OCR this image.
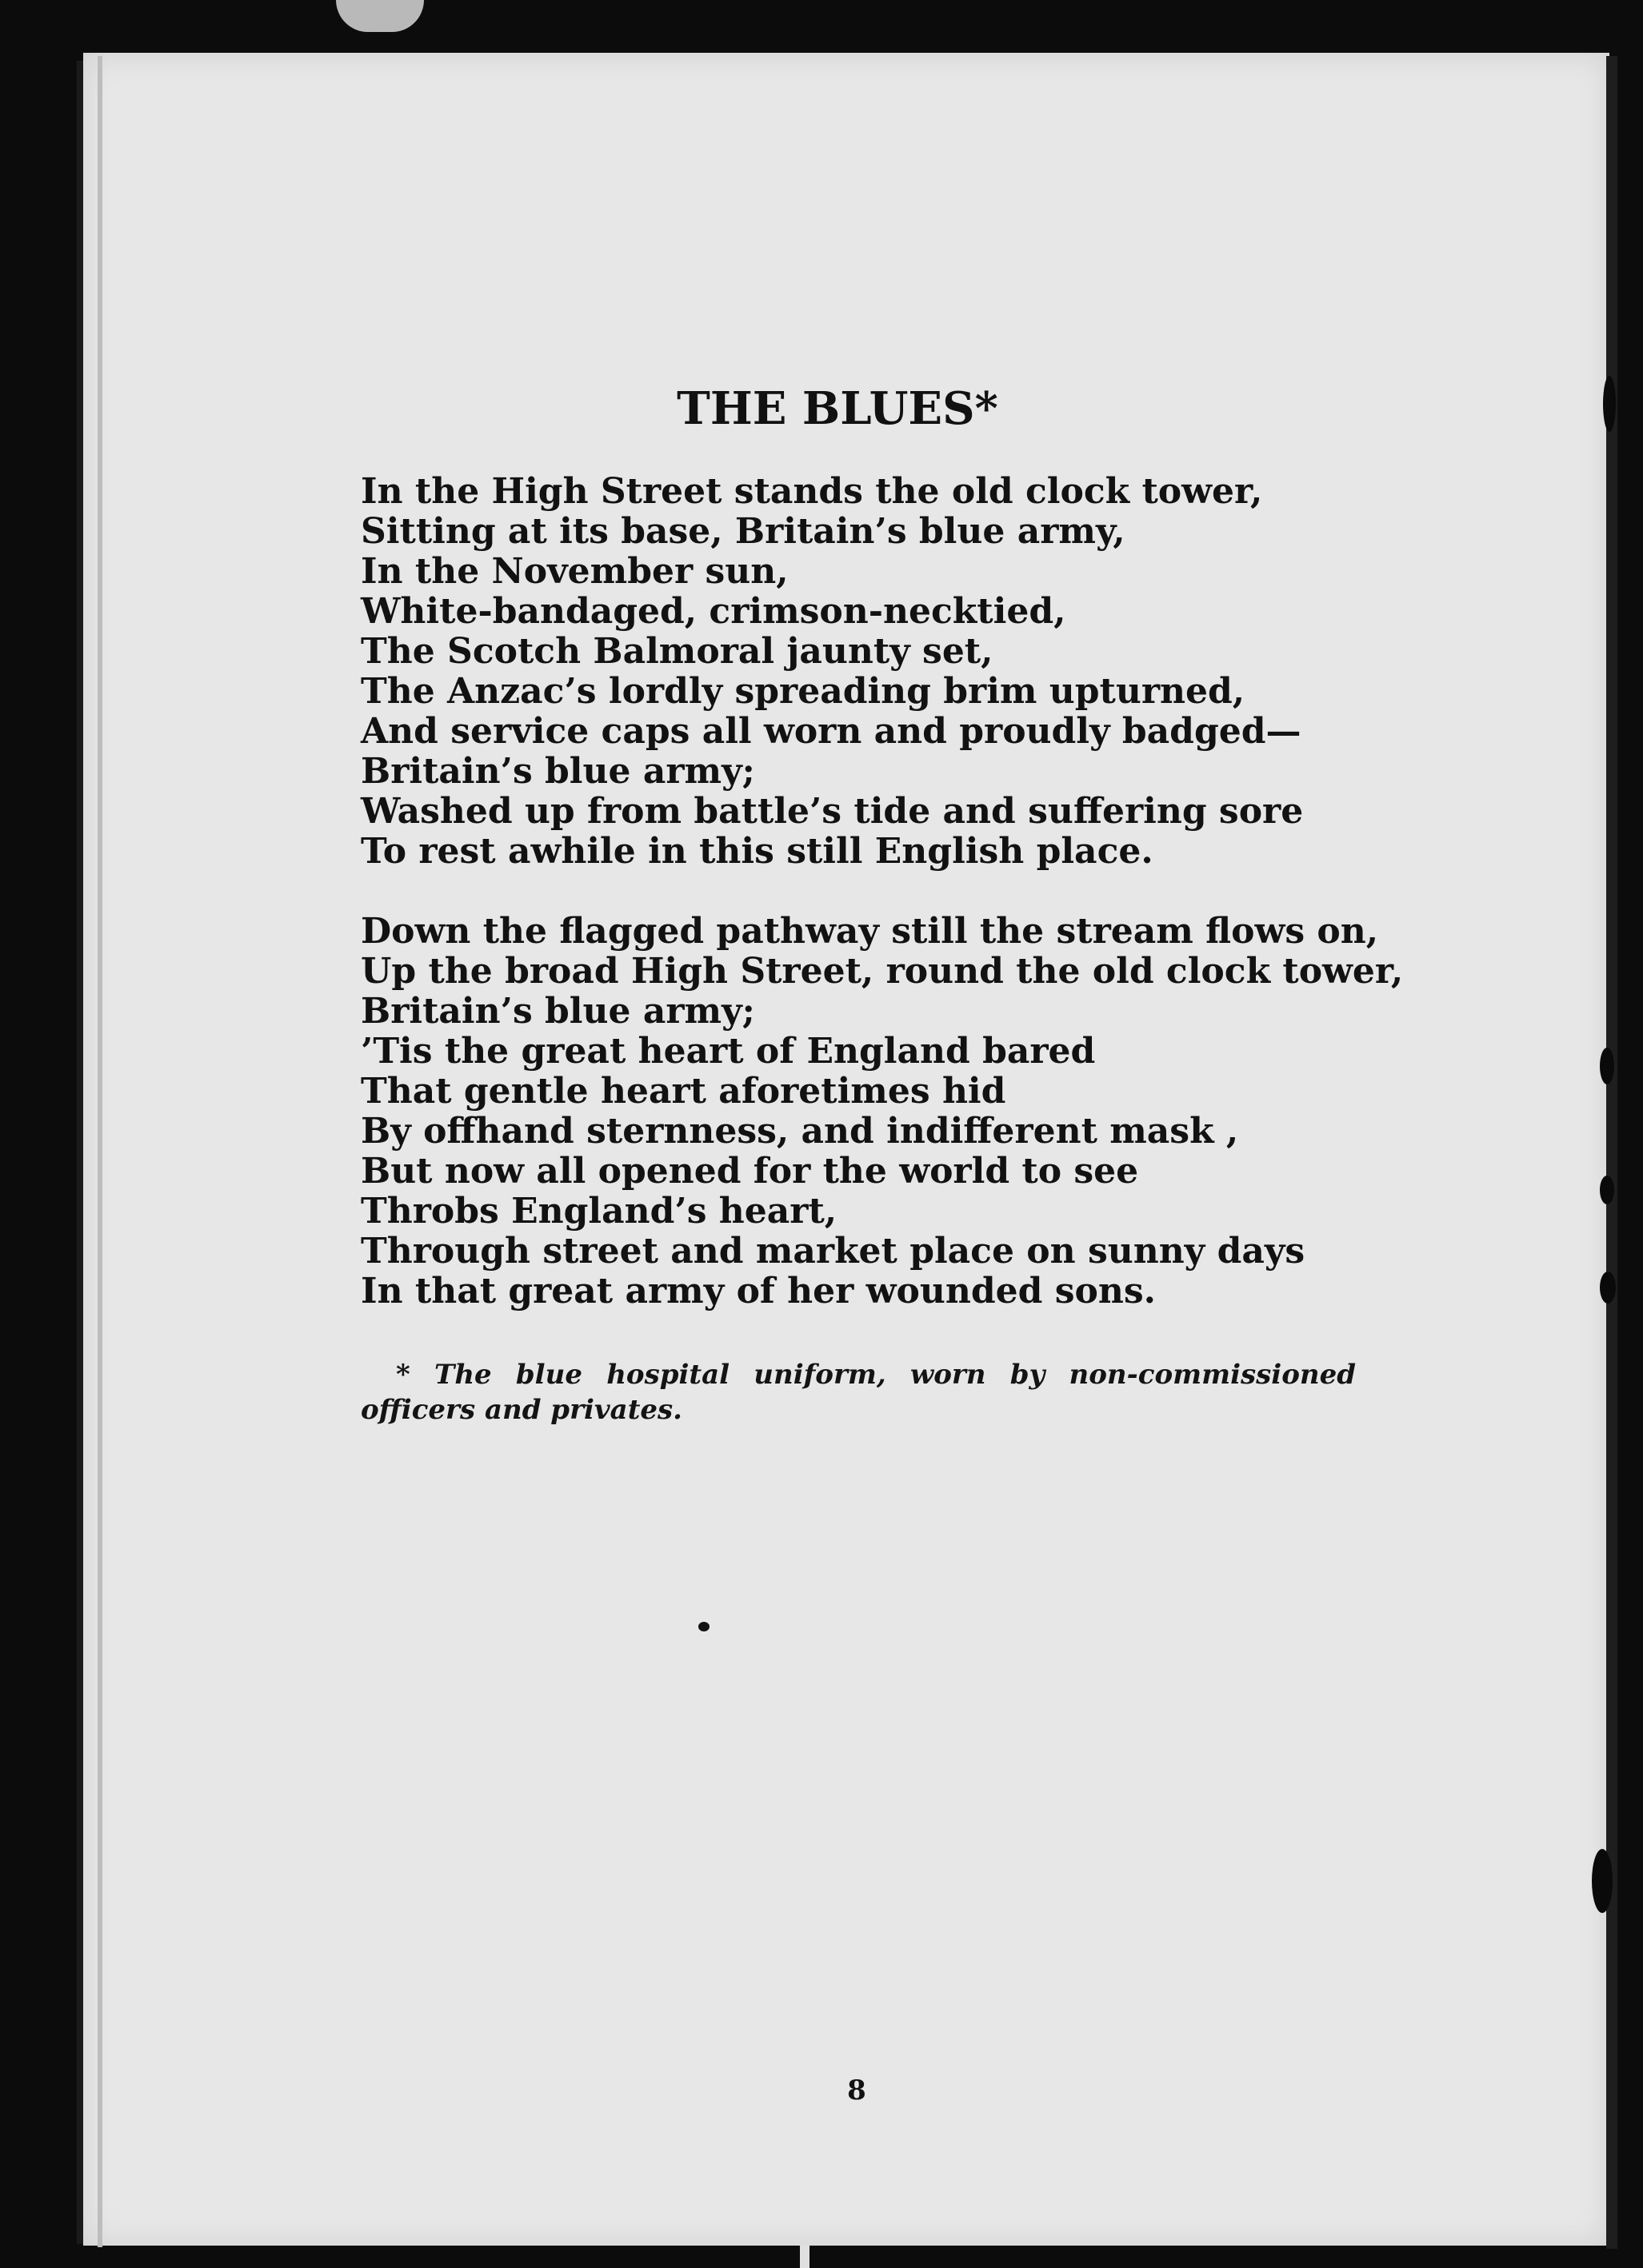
THE BLUES*

In the High Street stands the old clock tower,
Sitting at its base, Britain’s blue army,
In the November sun,
White-bandaged, crimson-necktied,
The Scotch Balmoral jaunty set,
The Anzac’s lordly spreading brim upturned,
And service caps all worn and proudly badged—
Britain’s blue army;
Washed up from battle’s tide and suffering sore
To rest awhile in this still English place.

Down the flagged pathway still the stream flows on,
Up the broad High Street, round the old clock tower,
Britain’s blue army;
’Tis the great heart of England bared
That gentle heart aforetimes hid
By offhand sternness, and indifferent mask ,
But now all opened for the world to see
Throbs England’s heart,
Through street and market place on sunny days
In that great army of her wounded sons.

* The blue hospital uniform, worn by non-commissioned officers and privates.

8
